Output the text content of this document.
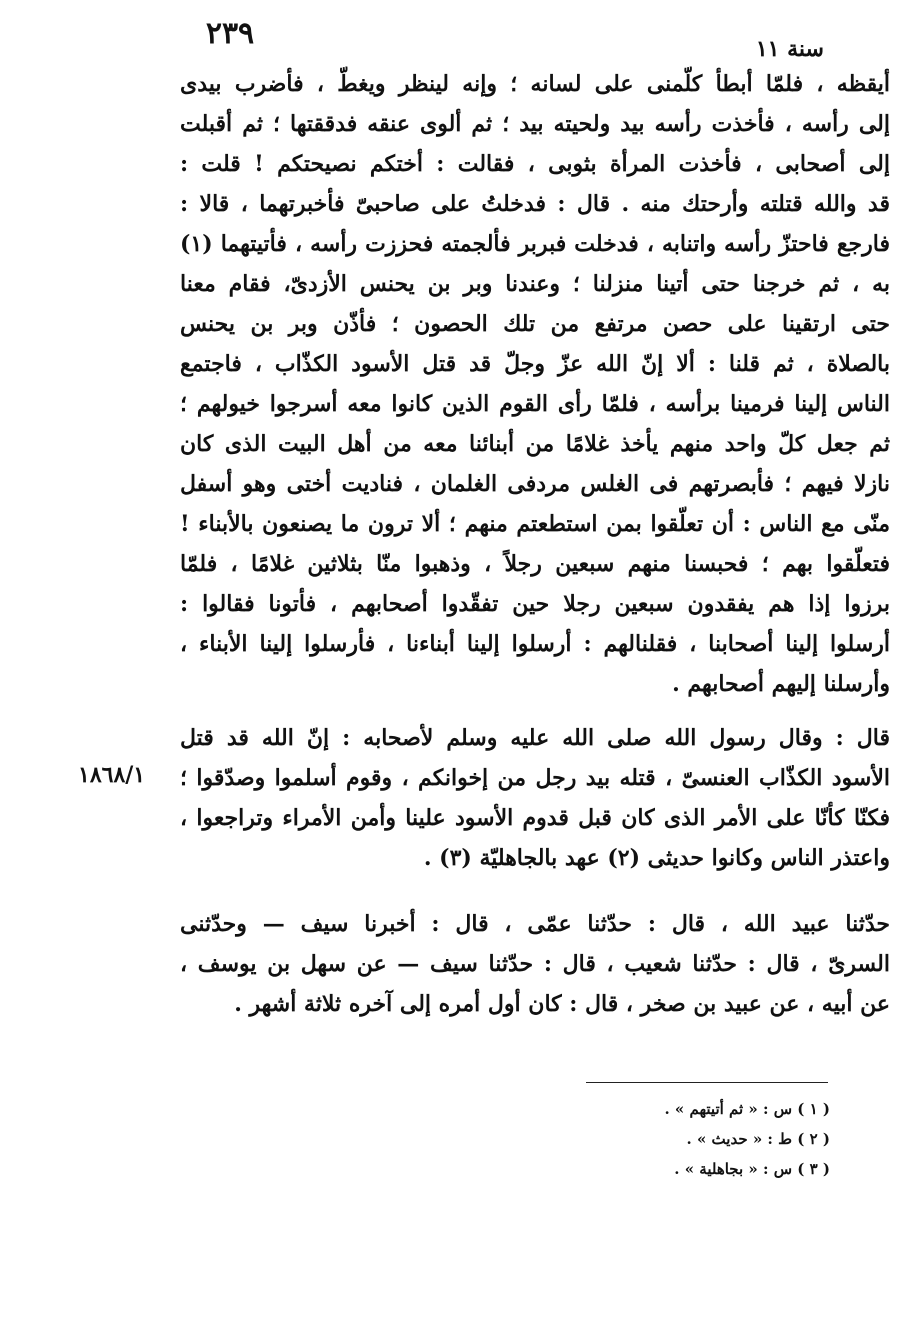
٢٣٩	سنة ١١
أيقظه ، فلمّا أبطأ كلّمنى على لسانه ؛ وإنه لينظر ويغطّ ، فأضرب بيدى
إلى رأسه ، فأخذت رأسه بيد ولحيته بيد ؛ ثم ألوى عنقه فدققتها ؛ ثم أقبلت
إلى أصحابى ، فأخذت المرأة بثوبى ، فقالت : أختكم نصيحتكم ! قلت :
قد والله قتلته وأرحتك منه . قال : فدخلتُ على صاحبىّ فأخبرتهما ، قالا :
فارجع فاحتزّ رأسه واتنابه ، فدخلت فبربر فألجمته فحززت رأسه ، فأتيتهما (١)
به ، ثم خرجنا حتى أتينا منزلنا ؛ وعندنا وبر بن يحنس الأزدىّ، فقام معنا
حتى ارتقينا على حصن مرتفع من تلك الحصون ؛ فأذّن وبر بن يحنس
بالصلاة ، ثم قلنا : ألا إنّ الله عزّ وجلّ قد قتل الأسود الكذّاب ، فاجتمع
الناس إلينا فرمينا برأسه ، فلمّا رأى القوم الذين كانوا معه أسرجوا خيولهم ؛
ثم جعل كلّ واحد منهم يأخذ غلامًا من أبنائنا معه من أهل البيت الذى كان
نازلا فيهم ؛ فأبصرتهم فى الغلس مردفى الغلمان ، فناديت أختى وهو أسفل
منّى مع الناس : أن تعلّقوا بمن استطعتم منهم ؛ ألا ترون ما يصنعون بالأبناء !
فتعلّقوا بهم ؛ فحبسنا منهم سبعين رجلاً ، وذهبوا منّا بثلاثين غلامًا ، فلمّا
برزوا إذا هم يفقدون سبعين رجلا حين تفقّدوا أصحابهم ، فأتونا فقالوا :
أرسلوا إلينا أصحابنا ، فقلنالهم : أرسلوا إلينا أبناءنا ، فأرسلوا إلينا الأبناء ،
وأرسلنا إليهم أصحابهم .
قال : وقال رسول الله صلى الله عليه وسلم لأصحابه : إنّ الله قد قتل
الأسود الكذّاب العنسىّ ، قتله بيد رجل من إخوانكم ، وقوم أسلموا وصدّقوا ؛
فكنّا كأنّا على الأمر الذى كان قبل قدوم الأسود علينا وأمن الأمراء وتراجعوا ،
واعتذر الناس وكانوا حديثى (٢) عهد بالجاهليّة (٣) .
حدّثنا عبيد الله ، قال : حدّثنا عمّى ، قال : أخبرنا سيف — وحدّثنى
السرىّ ، قال : حدّثنا شعيب ، قال : حدّثنا سيف — عن سهل بن يوسف ،
عن أبيه ، عن عبيد بن صخر ، قال : كان أول أمره إلى آخره ثلاثة أشهر .
١٨٦٨/١
( ١ ) س : « ثم أتيتهم » .
( ٢ ) ط : « حديث » .
( ٣ ) س : « بجاهلية » .
